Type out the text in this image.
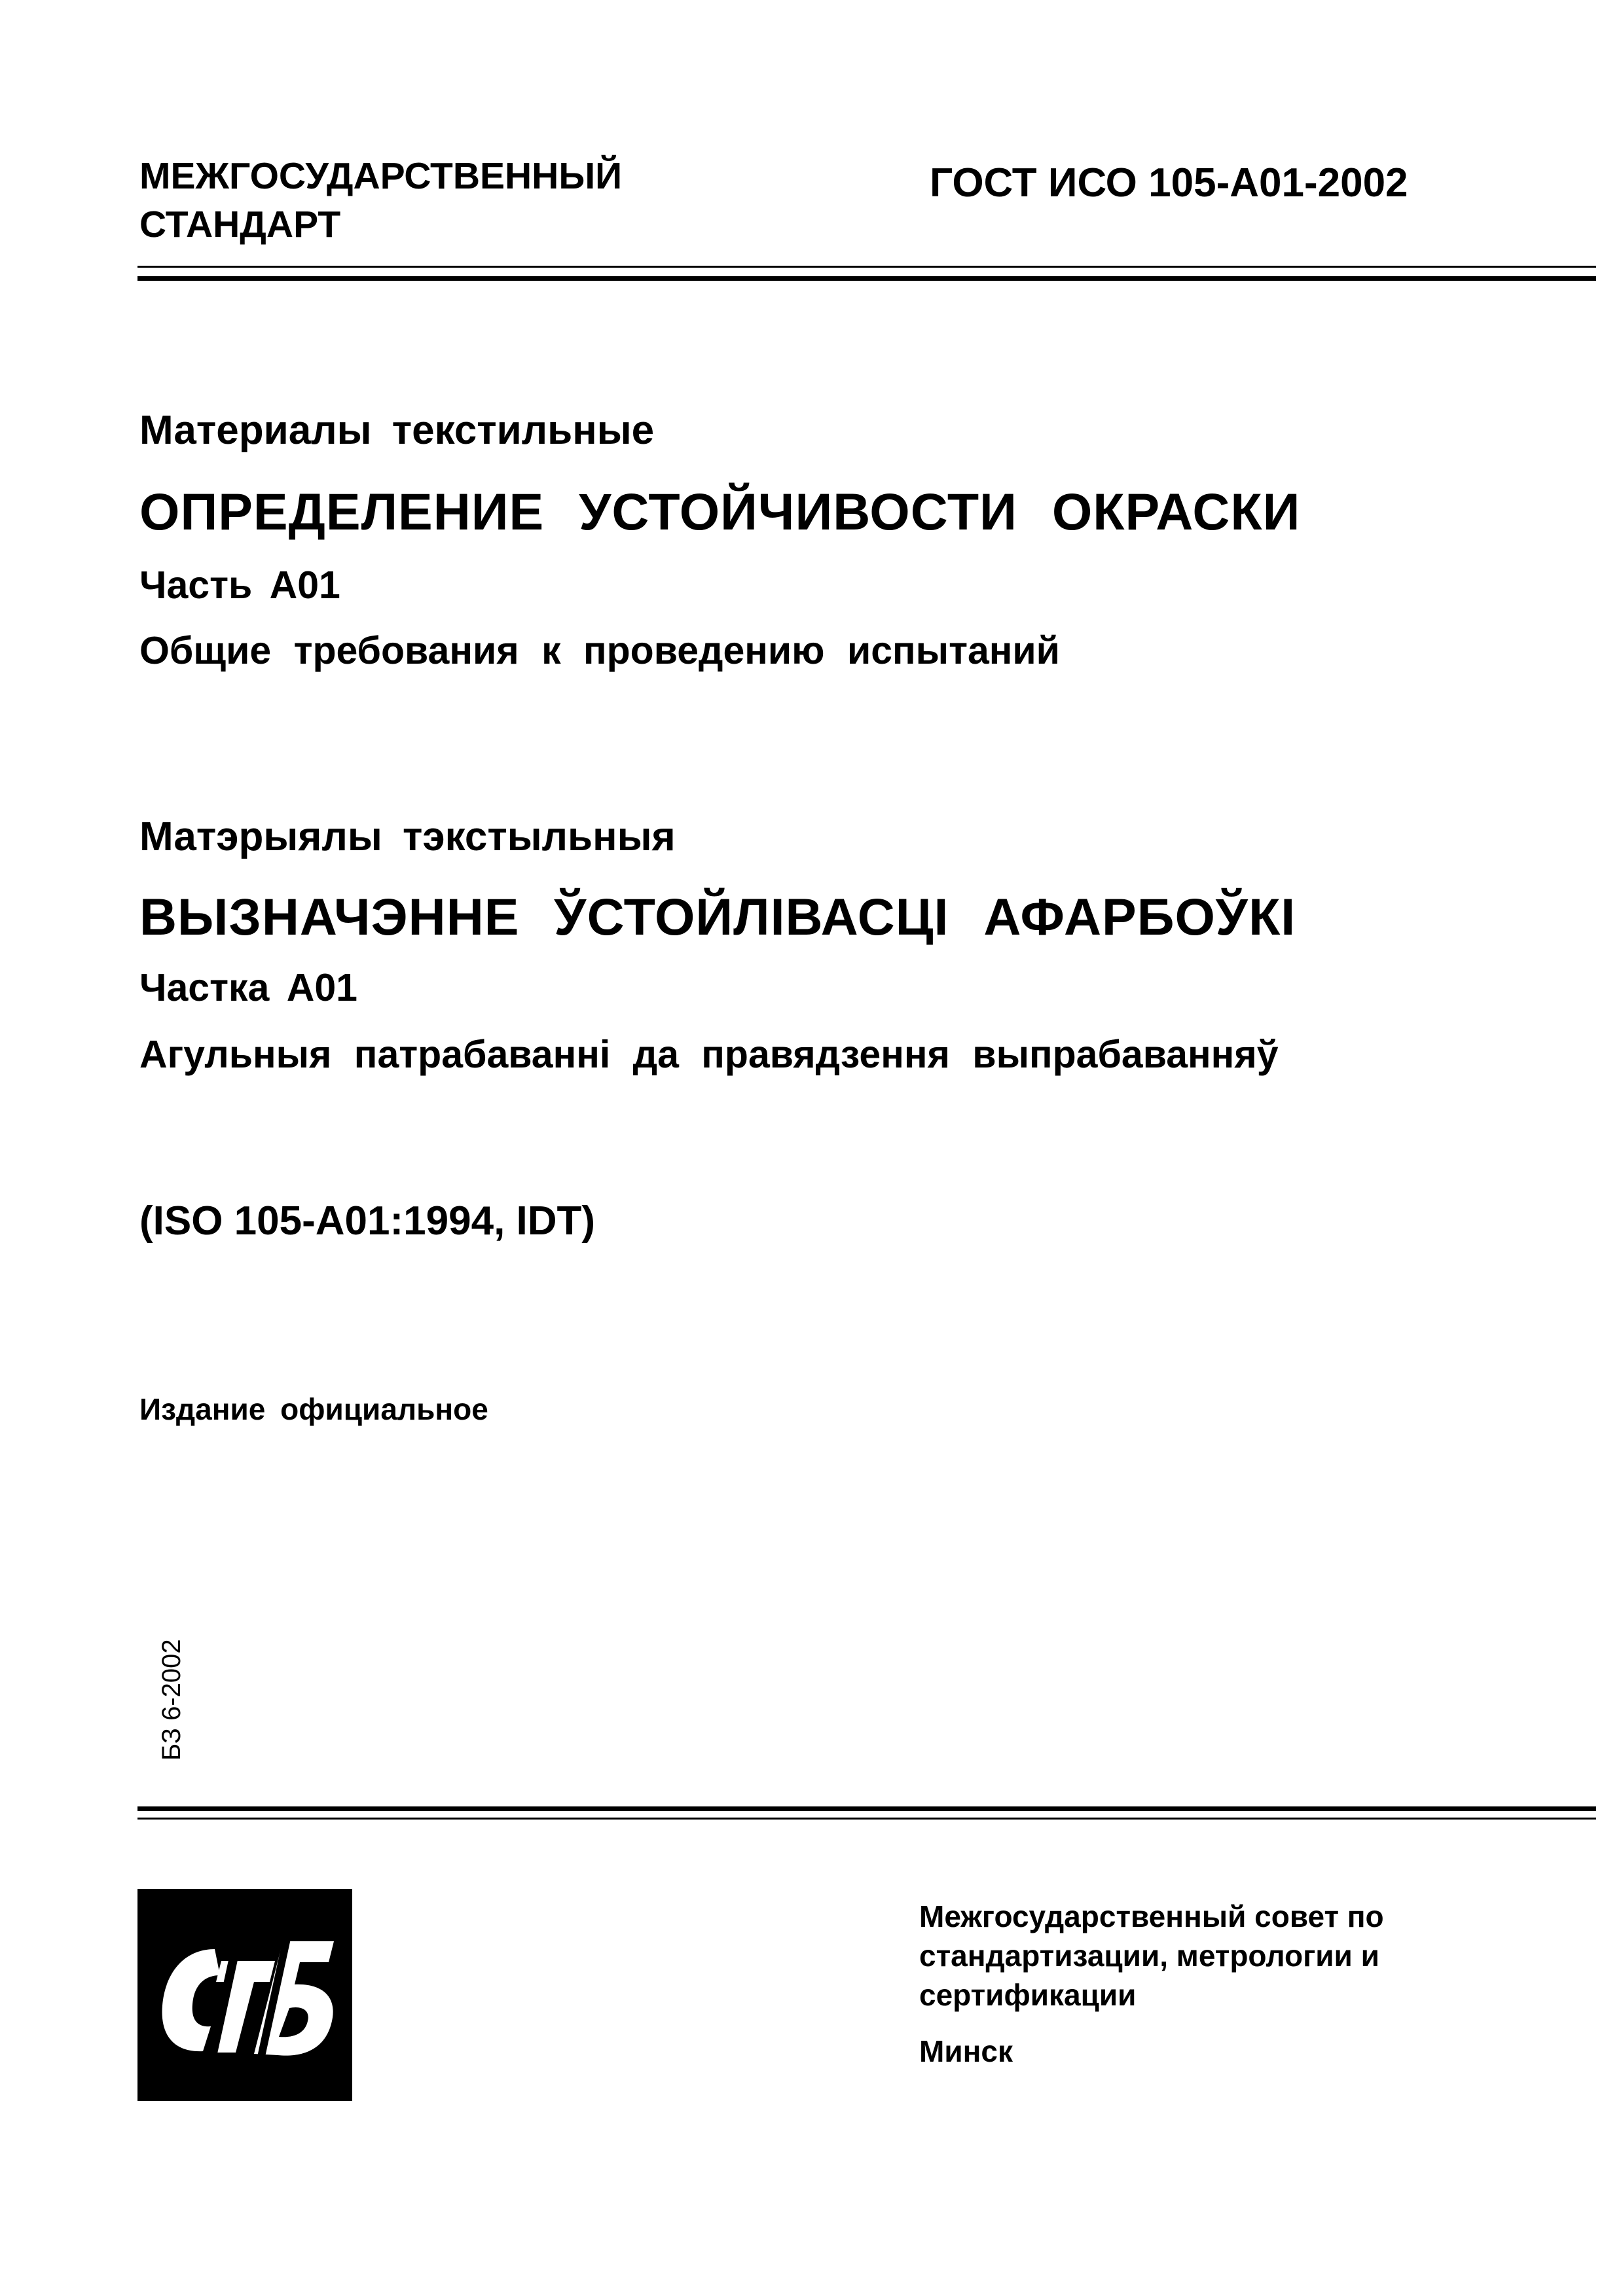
МЕЖГОСУДАРСТВЕННЫЙ
СТАНДАРТ
ГОСТ ИСО 105-A01-2002
Материалы текстильные
ОПРЕДЕЛЕНИЕ УСТОЙЧИВОСТИ ОКРАСКИ
Часть A01
Общие требования к проведению испытаний
Матэрыялы тэкстыльныя
ВЫЗНАЧЭННЕ ЎСТОЙЛІВАСЦІ АФАРБОЎКІ
Частка A01
Агульныя патрабаванні да правядзення выпрабаванняў
(ISO 105-A01:1994, IDT)
Издание официальное
БЗ 6-2002
Межгосударственный совет по
стандартизации, метрологии и
сертификации
Минск
